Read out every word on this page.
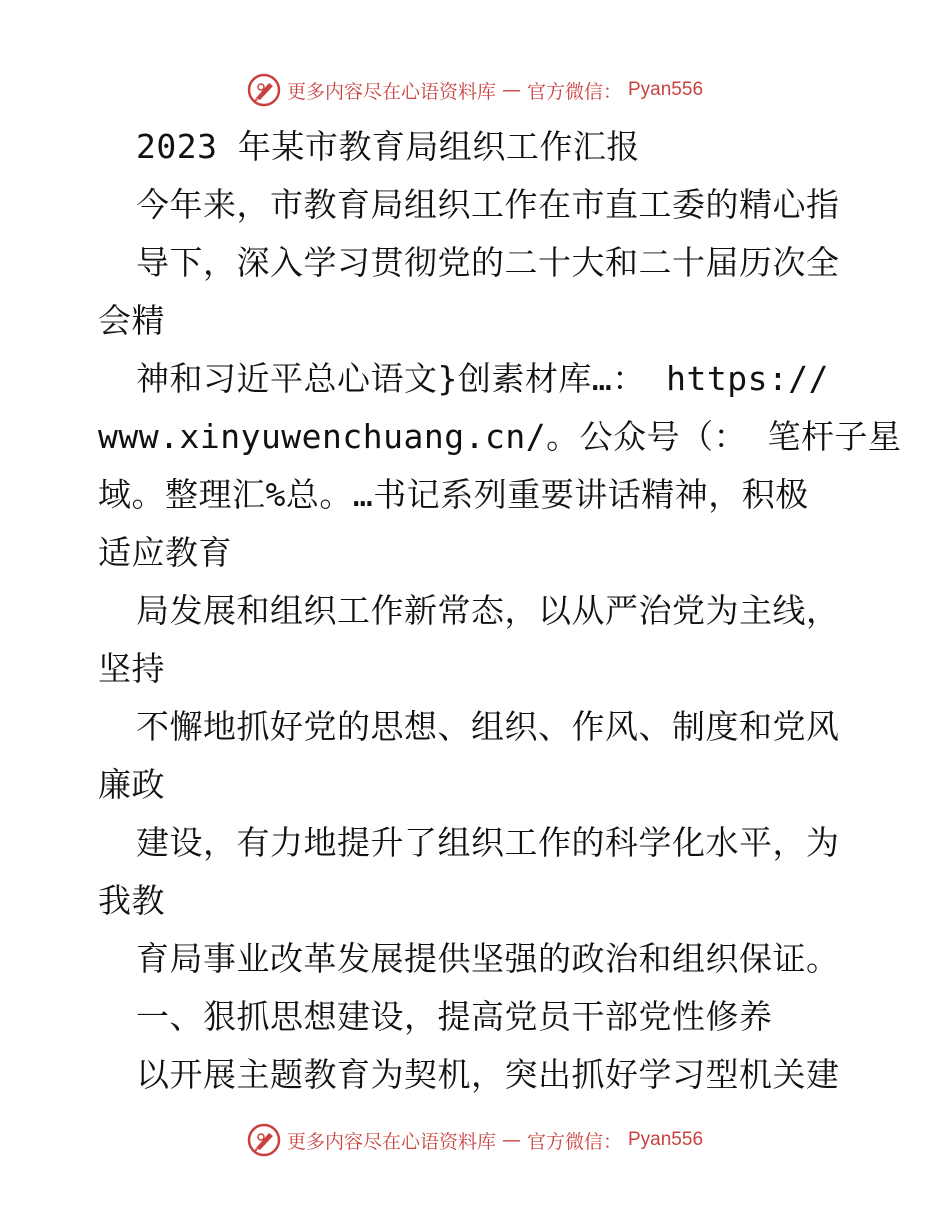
更多内容尽在心语资料库 — 官方微信： Pyan556
2023 年某市教育局组织工作汇报
今年来，市教育局组织工作在市直工委的精心指
导下，深入学习贯彻党的二十大和二十届历次全
会精
神和习近平总心语文}创素材库…： https://
www.xinyuwenchuang.cn/。公众号（： 笔杆子星
域。整理汇%总。…书记系列重要讲话精神，积极
适应教育
局发展和组织工作新常态，以从严治党为主线，
坚持
不懈地抓好党的思想、组织、作风、制度和党风
廉政
建设，有力地提升了组织工作的科学化水平，为
我教
育局事业改革发展提供坚强的政治和组织保证。
一、狠抓思想建设，提高党员干部党性修养
以开展主题教育为契机，突出抓好学习型机关建
更多内容尽在心语资料库 — 官方微信： Pyan556
